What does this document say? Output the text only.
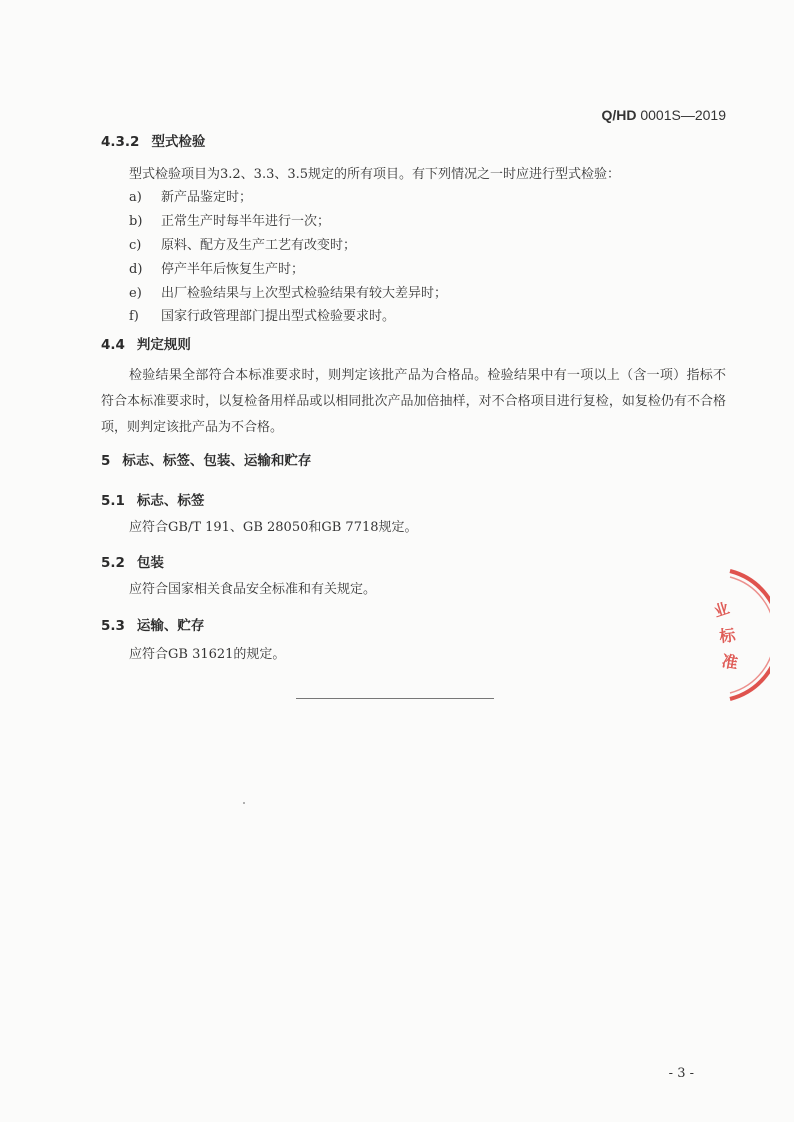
Q/HD 0001S—2019
4.3.2 型式检验
型式检验项目为3.2、3.3、3.5规定的所有项目。有下列情况之一时应进行型式检验：
a) 新产品鉴定时；
b) 正常生产时每半年进行一次；
c) 原料、配方及生产工艺有改变时；
d) 停产半年后恢复生产时；
e) 出厂检验结果与上次型式检验结果有较大差异时；
f) 国家行政管理部门提出型式检验要求时。
4.4 判定规则
检验结果全部符合本标准要求时，则判定该批产品为合格品。检验结果中有一项以上（含一项）指标不符合本标准要求时，以复检备用样品或以相同批次产品加倍抽样，对不合格项目进行复检，如复检仍有不合格项，则判定该批产品为不合格。
5 标志、标签、包装、运输和贮存
5.1 标志、标签
应符合GB/T 191、GB 28050和GB 7718规定。
5.2 包装
应符合国家相关食品安全标准和有关规定。
5.3 运输、贮存
应符合GB 31621的规定。
业
标
准
- 3 -
